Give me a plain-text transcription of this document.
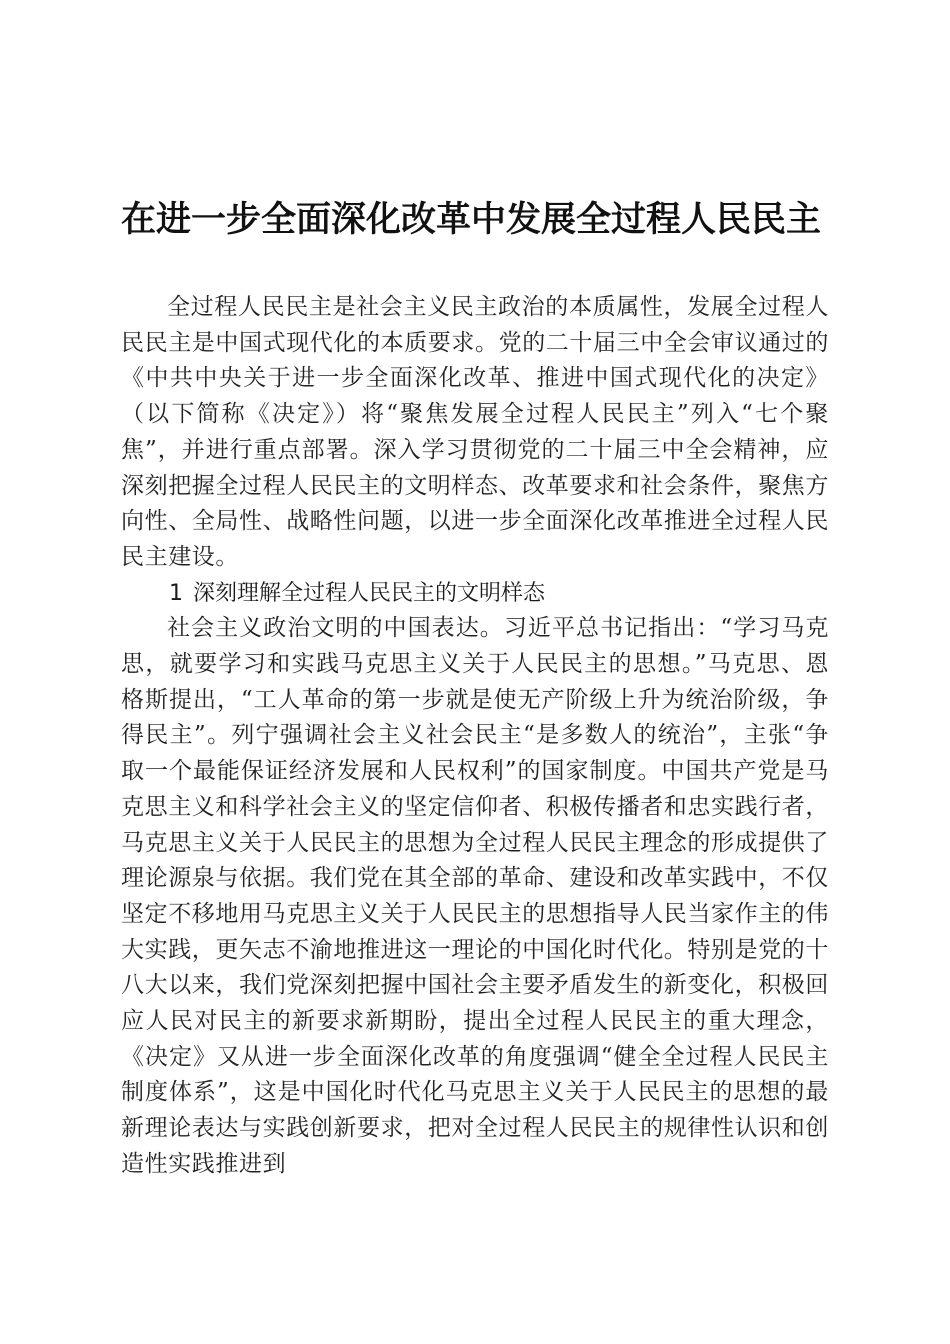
在进一步全面深化改革中发展全过程人民民主

全过程人民民主是社会主义民主政治的本质属性，发展全过程人民民主是中国式现代化的本质要求。党的二十届三中全会审议通过的《中共中央关于进一步全面深化改革、推进中国式现代化的决定》（以下简称《决定》）将“聚焦发展全过程人民民主”列入“七个聚焦”，并进行重点部署。深入学习贯彻党的二十届三中全会精神，应深刻把握全过程人民民主的文明样态、改革要求和社会条件，聚焦方向性、全局性、战略性问题，以进一步全面深化改革推进全过程人民民主建设。

1 深刻理解全过程人民民主的文明样态

社会主义政治文明的中国表达。习近平总书记指出：“学习马克思，就要学习和实践马克思主义关于人民民主的思想。”马克思、恩格斯提出，“工人革命的第一步就是使无产阶级上升为统治阶级，争得民主”。列宁强调社会主义社会民主“是多数人的统治”，主张“争取一个最能保证经济发展和人民权利”的国家制度。中国共产党是马克思主义和科学社会主义的坚定信仰者、积极传播者和忠实践行者，马克思主义关于人民民主的思想为全过程人民民主理念的形成提供了理论源泉与依据。我们党在其全部的革命、建设和改革实践中，不仅坚定不移地用马克思主义关于人民民主的思想指导人民当家作主的伟大实践，更矢志不渝地推进这一理论的中国化时代化。特别是党的十八大以来，我们党深刻把握中国社会主要矛盾发生的新变化，积极回应人民对民主的新要求新期盼，提出全过程人民民主的重大理念，《决定》又从进一步全面深化改革的角度强调“健全全过程人民民主制度体系”，这是中国化时代化马克思主义关于人民民主的思想的最新理论表达与实践创新要求，把对全过程人民民主的规律性认识和创造性实践推进到
